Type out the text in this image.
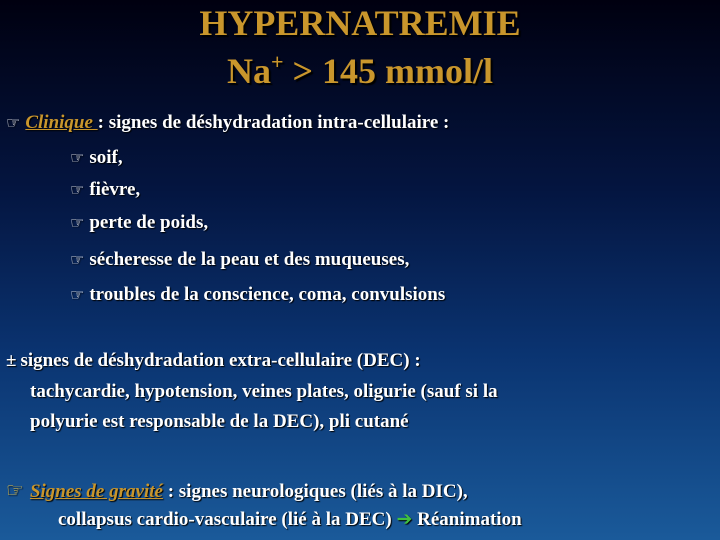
HYPERNATREMIE
Na+ > 145 mmol/l
☞ Clinique : signes de déshydradation intra-cellulaire :
☞ soif,
☞ fièvre,
☞ perte de poids,
☞ sécheresse de la peau et des muqueuses,
☞ troubles de la conscience, coma, convulsions
± signes de déshydradation extra-cellulaire (DEC) :
tachycardie, hypotension, veines plates, oligurie (sauf si la
polyurie est responsable de la DEC), pli cutané
☞ Signes de gravité : signes neurologiques (liés à la DIC),
collapsus cardio-vasculaire (lié à la DEC) ➔ Réanimation
